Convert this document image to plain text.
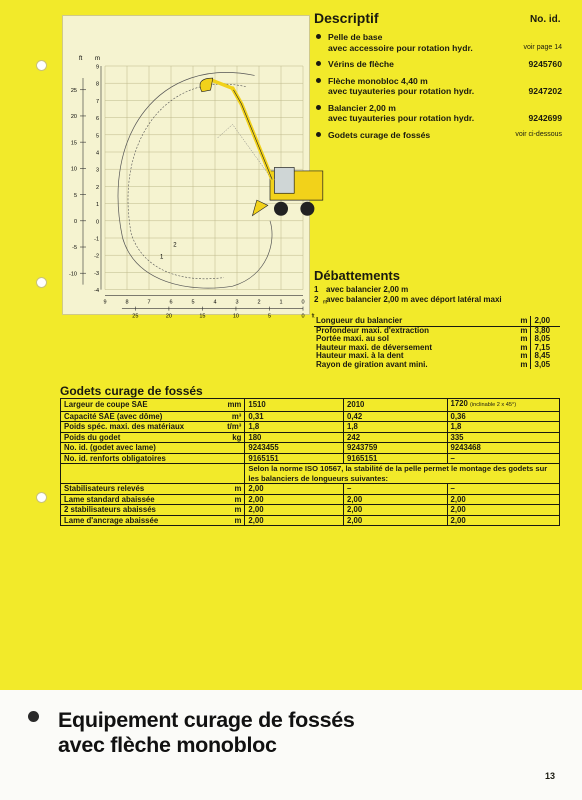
9
8
7
6
5
4
3
2
1
0
-1
-2
-3
-4
ft m
25
20
15
10
5
0
-5
-10
9	8	7	6	5	4	3	2	1	0	m
25	20	15	10	5	0 ft
1
2
Descriptif	No. id.
Pelle de base
avec accessoire pour rotation hydr.	voir page 14
Vérins de flèche	9245760
Flèche monobloc 4,40 m
avec tuyauteries pour rotation hydr.	9247202
Balancier 2,00 m
avec tuyauteries pour rotation hydr.	9242699
Godets curage de fossés	voir ci-dessous
Débattements
1 avec balancier 2,00 m
2 avec balancier 2,00 m avec déport latéral maxi
Longueur du balancier	m	2,00
Profondeur maxi. d'extraction	m	3,80
Portée maxi. au sol	m	8,05
Hauteur maxi. de déversement	m	7,15
Hauteur maxi. à la dent	m	8,45
Rayon de giration avant mini.	m	3,05
Godets curage de fossés
Largeur de coupe SAE	mm	1510	2010	1720 (inclinable 2 x 45°)
Capacité SAE (avec dôme)	m³	0,31	0,42	0,36
Poids spéc. maxi. des matériaux	t/m³	1,8	1,8	1,8
Poids du godet	kg	180	242	335
No. id. (godet avec lame)		9243455	9243759	9243468
No. id. renforts obligatoires		9165151	9165151	–
		Selon la norme ISO 10567, la stabilité de la pelle permet le montage des godets sur les balanciers de longueurs suivantes:		
Stabilisateurs relevés	m	2,00	–	–
Lame standard abaissée	m	2,00	2,00	2,00
2 stabilisateurs abaissés	m	2,00	2,00	2,00
Lame d'ancrage abaissée	m	2,00	2,00	2,00
Equipement curage de fossés
avec flèche monobloc
13
